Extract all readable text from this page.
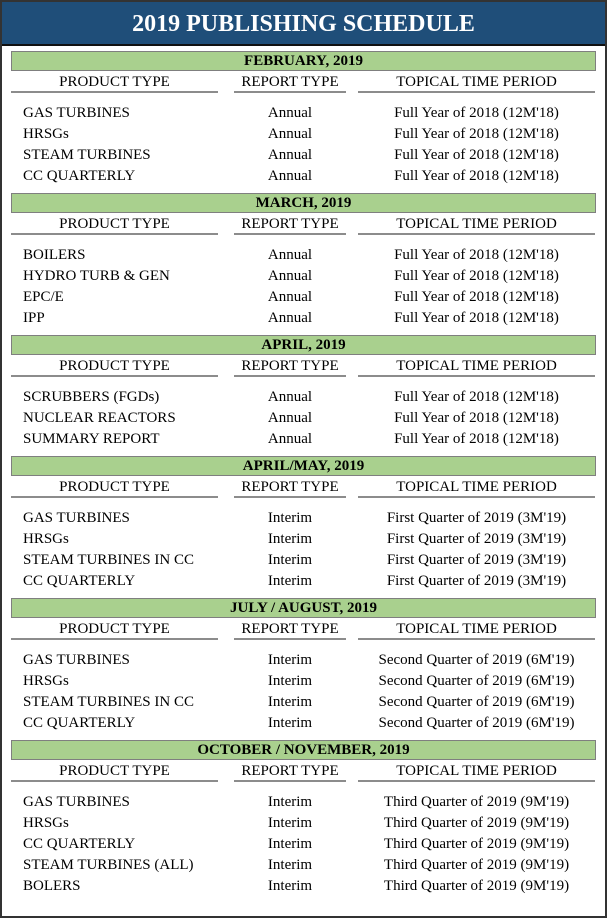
2019 PUBLISHING SCHEDULE
FEBRUARY, 2019
PRODUCT TYPE	REPORT TYPE	TOPICAL TIME PERIOD
GAS TURBINES	Annual	Full Year of 2018 (12M'18)
HRSGs	Annual	Full Year of 2018 (12M'18)
STEAM TURBINES	Annual	Full Year of 2018 (12M'18)
CC QUARTERLY	Annual	Full Year of 2018 (12M'18)
MARCH, 2019
PRODUCT TYPE	REPORT TYPE	TOPICAL TIME PERIOD
BOILERS	Annual	Full Year of 2018 (12M'18)
HYDRO TURB & GEN	Annual	Full Year of 2018 (12M'18)
EPC/E	Annual	Full Year of 2018 (12M'18)
IPP	Annual	Full Year of 2018 (12M'18)
APRIL, 2019
PRODUCT TYPE	REPORT TYPE	TOPICAL TIME PERIOD
SCRUBBERS (FGDs)	Annual	Full Year of 2018 (12M'18)
NUCLEAR REACTORS	Annual	Full Year of 2018 (12M'18)
SUMMARY REPORT	Annual	Full Year of 2018 (12M'18)
APRIL/MAY, 2019
PRODUCT TYPE	REPORT TYPE	TOPICAL TIME PERIOD
GAS TURBINES	Interim	First Quarter of 2019 (3M'19)
HRSGs	Interim	First Quarter of 2019 (3M'19)
STEAM TURBINES IN CC	Interim	First Quarter of 2019 (3M'19)
CC QUARTERLY	Interim	First Quarter of 2019 (3M'19)
JULY / AUGUST, 2019
PRODUCT TYPE	REPORT TYPE	TOPICAL TIME PERIOD
GAS TURBINES	Interim	Second Quarter of 2019 (6M'19)
HRSGs	Interim	Second Quarter of 2019 (6M'19)
STEAM TURBINES IN CC	Interim	Second Quarter of 2019 (6M'19)
CC QUARTERLY	Interim	Second Quarter of 2019 (6M'19)
OCTOBER / NOVEMBER, 2019
PRODUCT TYPE	REPORT TYPE	TOPICAL TIME PERIOD
GAS TURBINES	Interim	Third Quarter of 2019 (9M'19)
HRSGs	Interim	Third Quarter of 2019 (9M'19)
CC QUARTERLY	Interim	Third Quarter of 2019 (9M'19)
STEAM TURBINES (ALL)	Interim	Third Quarter of 2019 (9M'19)
BOLERS	Interim	Third Quarter of 2019 (9M'19)
